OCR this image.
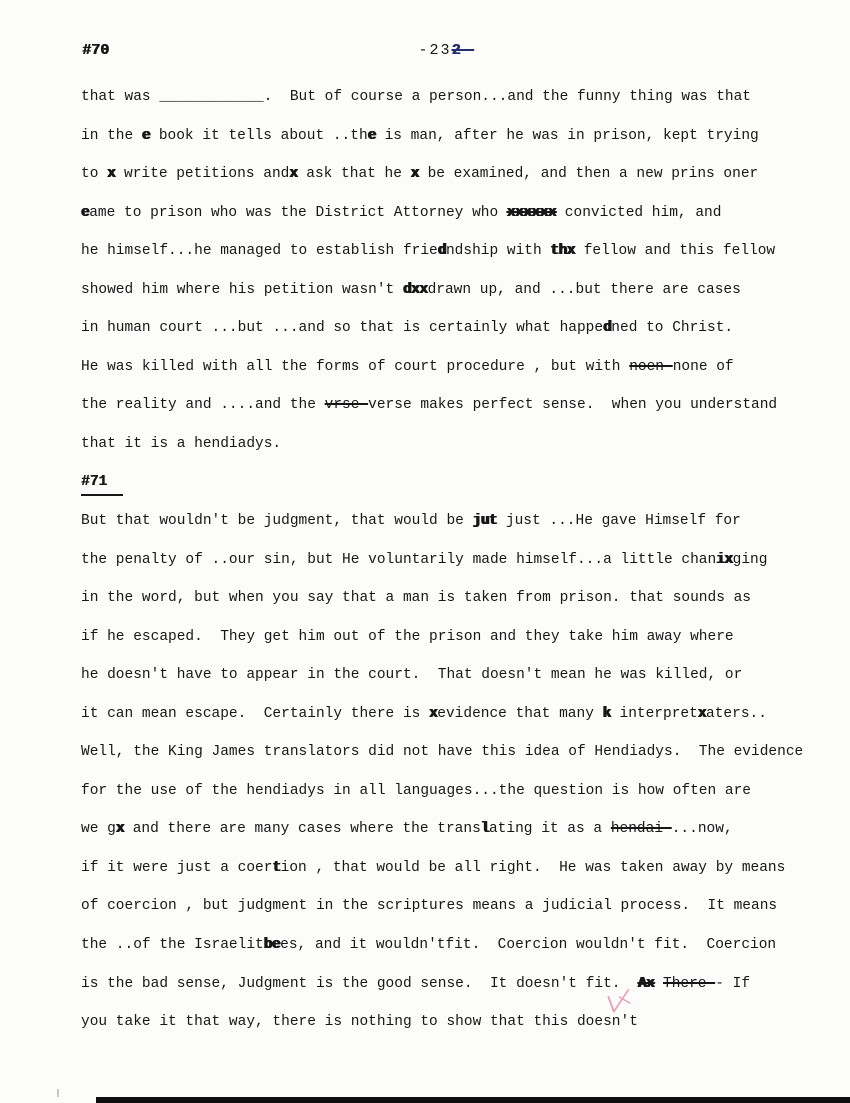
#70	-232-
that was ____________.  But of course a person...and the funny thing was that
in the e book it tells about ..the is man, after he was in prison, kept trying
to x write petitions andx ask that he x be examined, and then a new prins oner
eame to prison who was the District Attorney who xxxxxx convicted him, and
he himself...he managed to establish friedndship with thx fellow and this fellow
showed him where his petition wasn't dxxdrawn up, and ...but there are cases
in human court ...but ...and so that is certainly what happedned to Christ.
He was killed with all the forms of court procedure , but with noen-none of
the reality and ....and the vrse-verse makes perfect sense.  when you understand
that it is a hendiadys.
#71
But that wouldn't be judgment, that would be jut just ...He gave Himself for
the penalty of ..our sin, but He voluntarily made himself...a little chanixging
in the word, but when you say that a man is taken from prison. that sounds as
if he escaped.  They get him out of the prison and they take him away where
he doesn't have to appear in the court.  That doesn't mean he was killed, or
it can mean escape.  Certainly there is xevidence that many k interpretxaters..
Well, the King James translators did not have this idea of Hendiadys.  The evidence
for the use of the hendiadys in all languages...the question is how often are
we gx and there are many cases where the translating it as a hendai-...now,
if it were just a coertion , that would be all right.  He was taken away by means
of coercion , but judgment in the scriptures means a judicial process.  It means
the ..of the Israelitbees, and it wouldn'tfit.  Coercion wouldn't fit.  Coercion
is the bad sense, Judgment is the good sense.  It doesn't fit.  Ax There-- If
you take it that way, there is nothing to show that this doesn't
